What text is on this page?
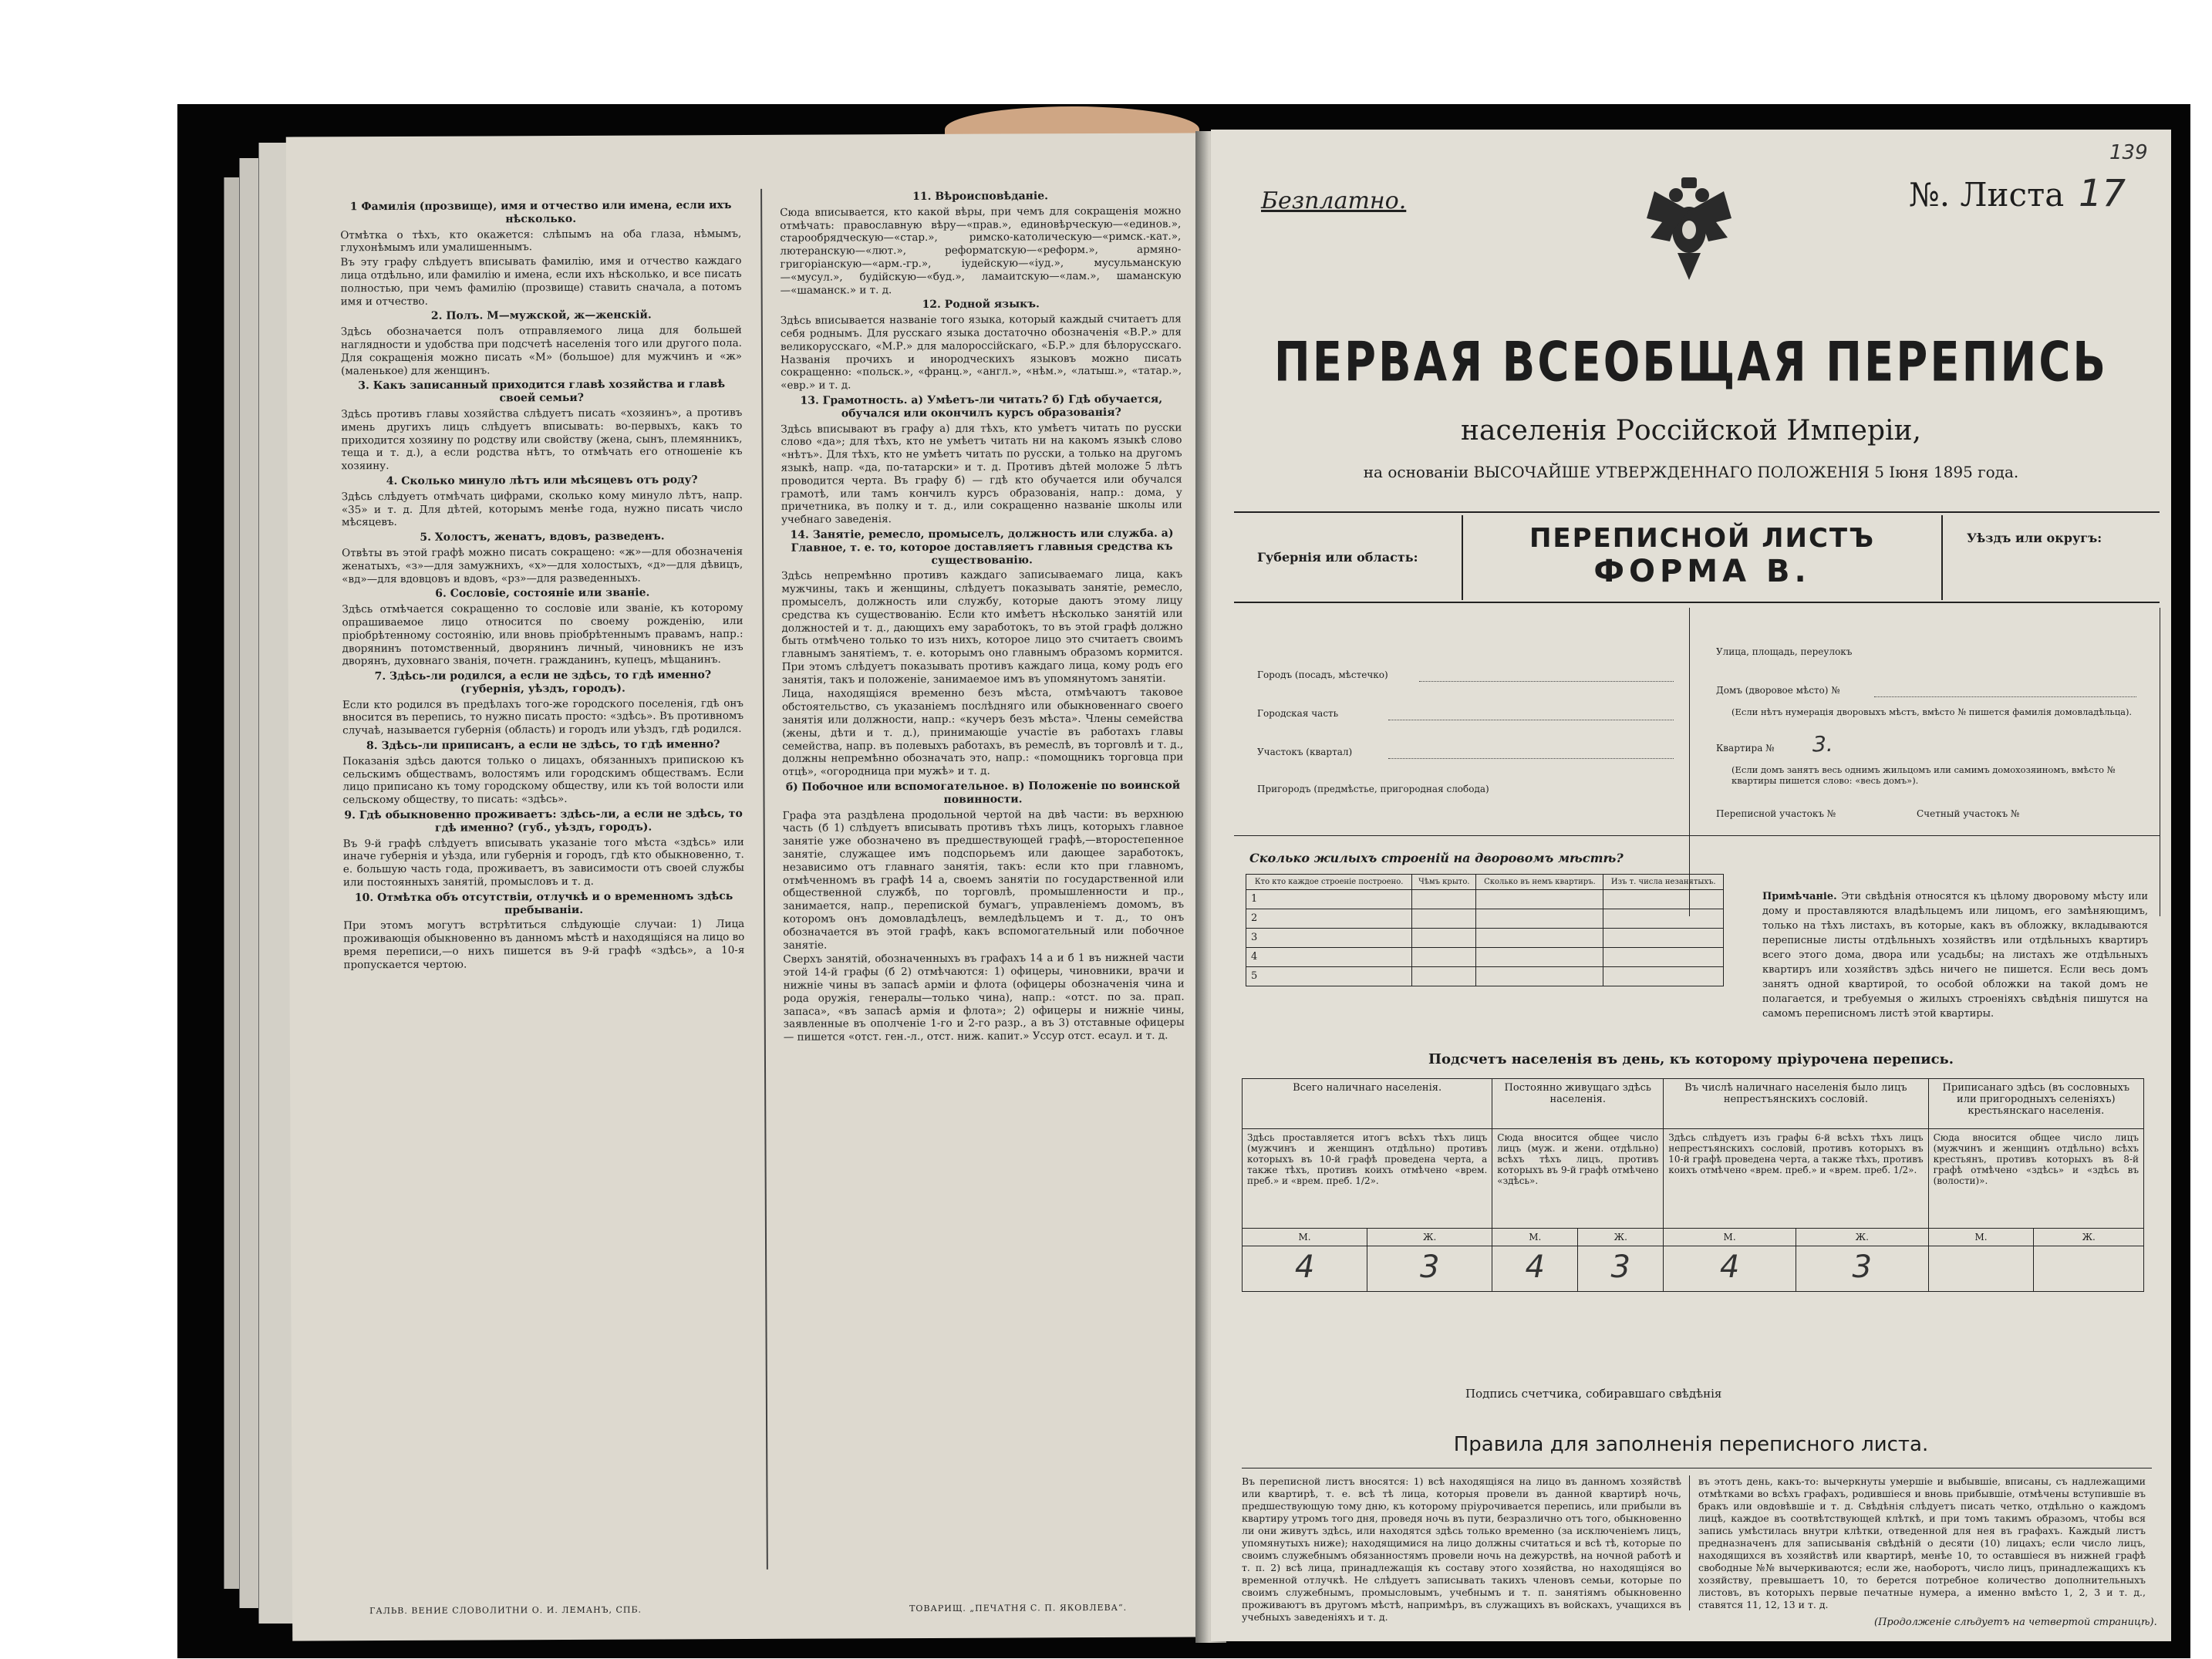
1 Фамилія (прозвище), имя и отчество или имена, если ихъ нѣсколько.
Отмѣтка о тѣхъ, кто окажется: слѣпымъ на оба глаза, нѣмымъ, глухонѣмымъ или умалишеннымъ.
Въ эту графу слѣдуетъ вписывать фамилію, имя и отчество каждаго лица отдѣльно, или фамилію и имена, если ихъ нѣсколько, и все писать полностью, при чемъ фамилію (прозвище) ставить сначала, а потомъ имя и отчество.
2. Полъ. М—мужской, ж—женскій.
Здѣсь обозначается полъ отправляемого лица для большей наглядности и удобства при подсчетѣ населенія того или другого пола. Для сокращенія можно писать «М» (большое) для мужчинъ и «ж» (маленькое) для женщинъ.
3. Какъ записанный приходится главѣ хозяйства и главѣ своей семьи?
Здѣсь противъ главы хозяйства слѣдуетъ писать «хозяинъ», а противъ имень другихъ лицъ слѣдуетъ вписывать: во-первыхъ, какъ то приходится хозяину по родству или свойству (жена, сынъ, племянникъ, теща и т. д.), а если родства нѣтъ, то отмѣчать его отношеніе къ хозяину.
4. Сколько минуло лѣтъ или мѣсяцевъ отъ роду?
Здѣсь слѣдуетъ отмѣчать цифрами, сколько кому минуло лѣтъ, напр. «35» и т. д. Для дѣтей, которымъ менѣе года, нужно писать число мѣсяцевъ.
5. Холостъ, женатъ, вдовъ, разведенъ.
Отвѣты въ этой графѣ можно писать сокращено: «ж»—для обозначенія женатыхъ, «з»—для замужнихъ, «х»—для холостыхъ, «д»—для дѣвицъ, «вд»—для вдовцовъ и вдовъ, «рз»—для разведенныхъ.
6. Сословіе, состояніе или званіе.
Здѣсь отмѣчается сокращенно то сословіе или званіе, къ которому опрашиваемое лицо относится по своему рожденію, или пріобрѣтенному состоянію, или вновь пріобрѣтеннымъ правамъ, напр.: дворянинъ потомственный, дворянинъ личный, чиновникъ не изъ дворянъ, духовнаго званія, почетн. гражданинъ, купецъ, мѣщанинъ.
7. Здѣсь-ли родился, а если не здѣсь, то гдѣ именно? (губернія, уѣздъ, городъ).
Если кто родился въ предѣлахъ того-же городского поселенія, гдѣ онъ вносится въ перепись, то нужно писать просто: «здѣсь». Въ противномъ случаѣ, называется губернія (область) и городъ или уѣздъ, гдѣ родился.
8. Здѣсь-ли приписанъ, а если не здѣсь, то гдѣ именно?
Показанія здѣсь даются только о лицахъ, обязанныхъ припискою къ сельскимъ обществамъ, волостямъ или городскимъ обществамъ. Если лицо приписано къ тому городскому обществу, или къ той волости или сельскому обществу, то писать: «здѣсь».
9. Гдѣ обыкновенно проживаетъ: здѣсь-ли, а если не здѣсь, то гдѣ именно? (губ., уѣздъ, городъ).
Въ 9-й графѣ слѣдуетъ вписывать указаніе того мѣста «здѣсь» или иначе губернія и уѣзда, или губернія и городъ, гдѣ кто обыкновенно, т. е. большую часть года, проживаетъ, въ зависимости отъ своей службы или постоянныхъ занятій, промысловъ и т. д.
10. Отмѣтка объ отсутствіи, отлучкѣ и о временномъ здѣсь пребываніи.
При этомъ могутъ встрѣтиться слѣдующіе случаи: 1) Лица проживающія обыкновенно въ данномъ мѣстѣ и находящіяся на лицо во время переписи,—о нихъ пишется въ 9-й графѣ «здѣсь», а 10-я пропускается чертою.
11. Вѣроисповѣданіе.
Сюда вписывается, кто какой вѣры, при чемъ для сокращенія можно отмѣчать: православную вѣру—«прав.», единовѣрческую—«единов.», старообрядческую—«стар.», римско-католическую—«римск.-кат.», лютеранскую—«лют.», реформатскую—«реформ.», армяно-григоріанскую—«арм.-гр.», іудейскую—«іуд.», мусульманскую—«мусул.», будійскую—«буд.», ламаитскую—«лам.», шаманскую—«шаманск.» и т. д.
12. Родной языкъ.
Здѣсь вписывается названіе того языка, который каждый считаетъ для себя роднымъ. Для русскаго языка достаточно обозначенія «В.Р.» для великорусскаго, «М.Р.» для малороссійскаго, «Б.Р.» для бѣлорусскаго. Названія прочихъ и инородческихъ языковъ можно писать сокращенно: «польск.», «франц.», «англ.», «нѣм.», «латыш.», «татар.», «евр.» и т. д.
13. Грамотность. а) Умѣетъ-ли читать? б) Гдѣ обучается, обучался или окончилъ курсъ образованія?
Здѣсь вписывают въ графу а) для тѣхъ, кто умѣетъ читать по русски слово «да»; для тѣхъ, кто не умѣетъ читать ни на какомъ языкѣ слово «нѣтъ». Для тѣхъ, кто не умѣетъ читать по русски, а только на другомъ языкѣ, напр. «да, по-татарски» и т. д. Противъ дѣтей моложе 5 лѣтъ проводится черта. Въ графу б) — гдѣ кто обучается или обучался грамотѣ, или тамъ кончилъ курсъ образованія, напр.: дома, у причетника, въ полку и т. д., или сокращенно названіе школы или учебнаго заведенія.
14. Занятіе, ремесло, промыселъ, должность или служба. а) Главное, т. е. то, которое доставляетъ главныя средства къ существованію.
Здѣсь непремѣнно противъ каждаго записываемаго лица, какъ мужчины, такъ и женщины, слѣдуетъ показывать занятіе, ремесло, промыселъ, должность или службу, которые даютъ этому лицу средства къ существованію. Если кто имѣетъ нѣсколько занятій или должностей и т. д., дающихъ ему заработокъ, то въ этой графѣ должно быть отмѣчено только то изъ нихъ, которое лицо это считаетъ своимъ главнымъ занятіемъ, т. е. которымъ оно главнымъ образомъ кормится. При этомъ слѣдуетъ показывать противъ каждаго лица, кому родъ его занятія, такъ и положеніе, занимаемое имъ въ упомянутомъ занятіи.
Лица, находящіяся временно безъ мѣста, отмѣчаютъ таковое обстоятельство, съ указаніемъ послѣдняго или обыкновеннаго своего занятія или должности, напр.: «кучеръ безъ мѣста». Члены семейства (жены, дѣти и т. д.), принимающіе участіе въ работахъ главы семейства, напр. въ полевыхъ работахъ, въ ремеслѣ, въ торговлѣ и т. д., должны непремѣнно обозначать это, напр.: «помощникъ торговца при отцѣ», «огородница при мужѣ» и т. д.
б) Побочное или вспомогательное. в) Положеніе по воинской повинности.
Графа эта раздѣлена продольной чертой на двѣ части: въ верхнюю часть (б 1) слѣдуетъ вписывать противъ тѣхъ лицъ, которыхъ главное занятіе уже обозначено въ предшествующей графѣ,—второстепенное занятіе, служащее имъ подспорьемъ или дающее заработокъ, независимо отъ главнаго занятія, такъ: если кто при главномъ, отмѣченномъ въ графѣ 14 а, своемъ занятіи по государственной или общественной службѣ, по торговлѣ, промышленности и пр., занимается, напр., перепиской бумагъ, управленіемъ домомъ, въ которомъ онъ домовладѣлецъ, вемледѣльцемъ и т. д., то онъ обозначается въ этой графѣ, какъ вспомогательный или побочное занятіе.
Сверхъ занятій, обозначенныхъ въ графахъ 14 а и б 1 въ нижней части этой 14-й графы (б 2) отмѣчаются: 1) офицеры, чиновники, врачи и нижніе чины въ запасѣ арміи и флота (офицеры обозначенія чина и рода оружія, генералы—только чина), напр.: «отст. по за. прап. запаса», «въ запасѣ армія и флота»; 2) офицеры и нижніе чины, заявленные въ ополченіе 1-го и 2-го разр., а въ 3) отставные офицеры — пишется «отст. ген.-л., отст. ниж. капит.» Уссур отст. есаул. и т. д.
ГАЛЬВ. ВЕНИЕ СЛОВОЛИТНИ О. И. ЛЕМАНЪ, СПБ.	ТОВАРИЩ. „ПЕЧАТНЯ С. П. ЯКОВЛЕВА“.
Безплатно.	№. Листа 17
139
ПЕРВАЯ ВСЕОБЩАЯ ПЕРЕПИСЬ
населенія Россійской Имперіи,
на основаніи ВЫСОЧАЙШЕ УТВЕРЖДЕННАГО ПОЛОЖЕНІЯ 5 Іюня 1895 года.
Губернія или область:
ПЕРЕПИСНОЙ ЛИСТЪ
ФОРМА В.
Уѣздъ или округъ:
Городъ (посадъ, мѣстечко)
Городская часть
Участокъ (квартал)
Пригородъ (предмѣстье, пригородная слобода)
Улица, площадь, переулокъ
Домъ (дворовое мѣсто) №
(Если нѣтъ нумерація дворовыхъ мѣстъ, вмѣсто № пишется фамилія домовладѣльца).
Квартира № 3.
(Если домъ занятъ весь однимъ жильцомъ или самимъ домохозяиномъ, вмѣсто № квартиры пишется слово: «весь домъ»).
Переписной участокъ №	Счетный участокъ №
Сколько жилыхъ строеній на дворовомъ мѣстѣ?
Кто кто каждое строеніе построено.	Чѣмъ крыто.	Сколько въ немъ квартиръ.	Изъ т. числа незанятыхъ.
1			
2			
3			
4			
5			
Примѣчаніе. Эти свѣдѣнія относятся къ цѣлому дворовому мѣсту или дому и проставляются владѣльцемъ или лицомъ, его замѣняющимъ, только на тѣхъ листахъ, въ которые, какъ въ обложку, вкладываются переписные листы отдѣльныхъ хозяйствъ или отдѣльныхъ квартиръ всего этого дома, двора или усадьбы; на листахъ же отдѣльныхъ квартиръ или хозяйствъ здѣсь ничего не пишется. Если весь домъ занятъ одной квартирой, то особой обложки на такой домъ не полагается, и требуемыя о жилыхъ строеніяхъ свѣдѣнія пишутся на самомъ переписномъ листѣ этой квартиры.
Подсчетъ населенія въ день, къ которому пріурочена перепись.
Всего наличнаго населенія.		Постоянно живущаго здѣсь населенія.		Въ числѣ наличнаго населенія было лицъ непрестъянскихъ сословій.		Приписанаго здѣсь (въ сословныхъ или пригородныхъ селеніяхъ) крестьянскаго населенія.	
Здѣсь проставляется итогъ всѣхъ тѣхъ лицъ (мужчинъ и женщинъ отдѣльно) противъ которыхъ въ 10-й графѣ проведена черта, а также тѣхъ, противъ коихъ отмѣчено «врем. преб.» и «врем. преб. 1/2».		Сюда вносится общее число лицъ (муж. и жени. отдѣльно) всѣхъ тѣхъ лицъ, противъ которыхъ въ 9-й графѣ отмѣчено «здѣсь».		Здѣсь слѣдуетъ изъ графы 6-й всѣхъ тѣхъ лицъ непрестъянскихъ сословій, противъ которыхъ въ 10-й графѣ проведена черта, а также тѣхъ, противъ коихъ отмѣчено «врем. преб.» и «врем. преб. 1/2».		Сюда вносится общее число лицъ (мужчинъ и женщинъ отдѣльно) всѣхъ крестьянъ, противъ которыхъ въ 8-й графѣ отмѣчено «здѣсь» и «здѣсь въ (волости)».	
М.	Ж.	М.	Ж.	М.	Ж.	М.	Ж.
4	3	4	3	4	3		
Подпись счетчика, собиравшаго свѣдѣнія
Правила для заполненія переписного листа.
Въ переписной листъ вносятся: 1) всѣ находящіяся на лицо въ данномъ хозяйствѣ или квартирѣ, т. е. всѣ тѣ лица, которыя провели въ данной квартирѣ ночь, предшествующую тому дню, къ которому пріурочивается перепись, или прибыли въ квартиру утромъ того дня, проведя ночь въ пути, безразлично отъ того, обыкновенно ли они живутъ здѣсь, или находятся здѣсь только временно (за исключеніемъ лицъ, упомянутыхъ ниже); находящимися на лицо должны считаться и всѣ тѣ, которые по своимъ служебнымъ обязанностямъ провели ночь на дежурствѣ, на ночной работѣ и т. п. 2) всѣ лица, принадлежащія къ составу этого хозяйства, но находящіяся во временной отлучкѣ. Не слѣдуетъ записывать такихъ членовъ семьи, которые по своимъ служебнымъ, промысловымъ, учебнымъ и т. п. занятіямъ обыкновенно проживаютъ въ другомъ мѣстѣ, напримѣръ, въ служащихъ въ войскахъ, учащихся въ учебныхъ заведеніяхъ и т. д.
въ этотъ день, какъ-то: вычеркнуты умершіе и выбывшіе, вписаны, съ надлежащими отмѣтками во всѣхъ графахъ, родившіеся и вновь прибывшіе, отмѣчены вступившіе въ бракъ или овдовѣвшіе и т. д. Свѣдѣнія слѣдуетъ писать четко, отдѣльно о каждомъ лицѣ, каждое въ соотвѣтствующей клѣткѣ, и при томъ такимъ образомъ, чтобы вся запись умѣстилась внутри клѣтки, отведенной для нея въ графахъ. Каждый листъ предназначенъ для записыванія свѣдѣній о десяти (10) лицахъ; если число лицъ, находящихся въ хозяйствѣ или квартирѣ, менѣе 10, то оставшіеся въ нижней графѣ свободные №№ вычеркиваются; если же, наоборотъ, число лицъ, принадлежащихъ къ хозяйству, превышаетъ 10, то берется потребное количество дополнительныхъ листовъ, въ которыхъ первые печатные нумера, а именно вмѣсто 1, 2, 3 и т. д., ставятся 11, 12, 13 и т. д.
(Продолженіе слѣдуетъ на четвертой страницѣ).
